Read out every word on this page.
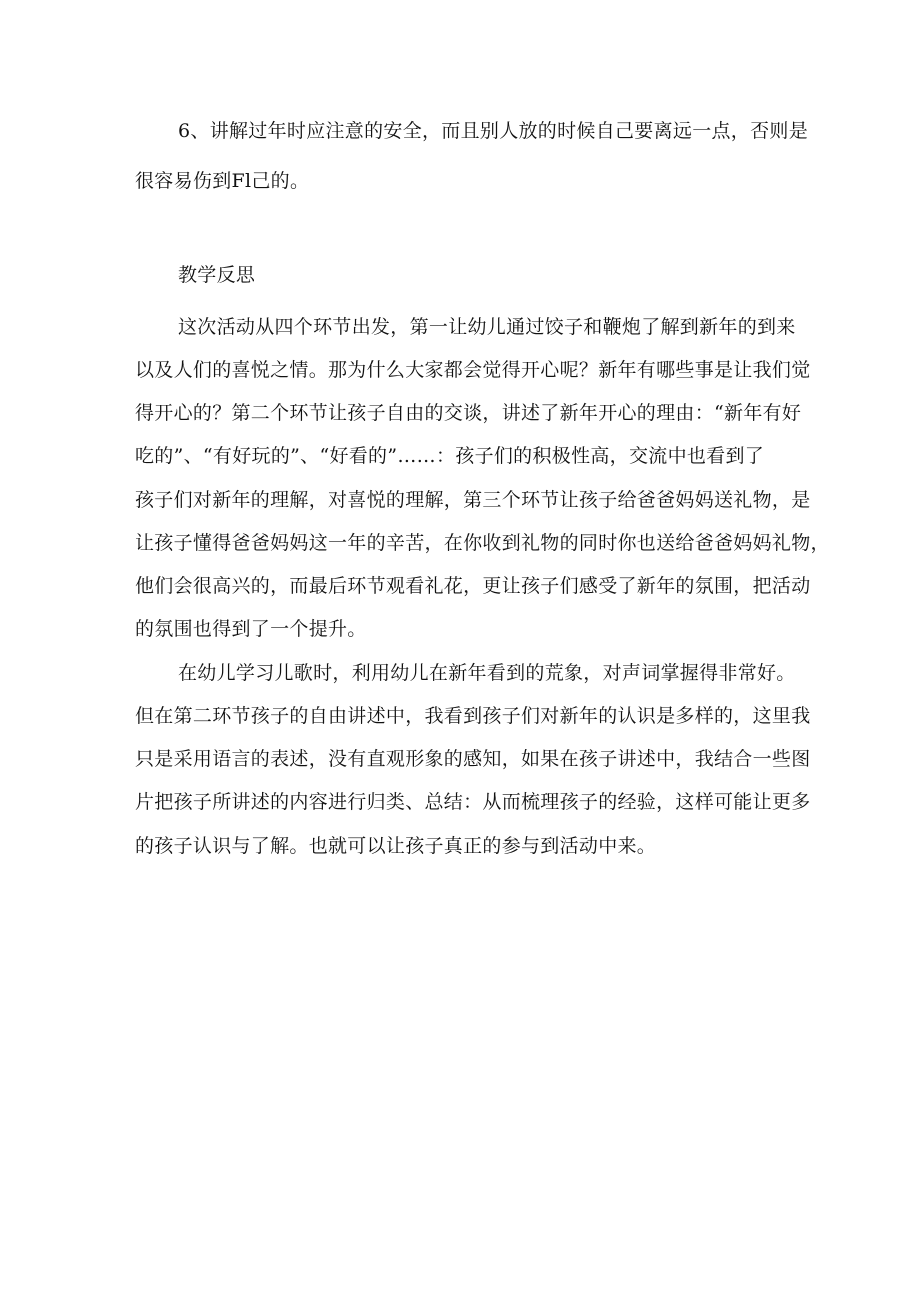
6、讲解过年时应注意的安全，而且别人放的时候自己要离远一点，否则是
很容易伤到Fl己的。
教学反思
这次活动从四个环节出发，第一让幼儿通过饺子和鞭炮了解到新年的到来
以及人们的喜悦之情。那为什么大家都会觉得开心呢？新年有哪些事是让我们觉
得开心的？第二个环节让孩子自由的交谈，讲述了新年开心的理由：“新年有好
吃的”、“有好玩的”、“好看的”……：孩子们的积极性高，交流中也看到了
孩子们对新年的理解，对喜悦的理解，第三个环节让孩子给爸爸妈妈送礼物，是
让孩子懂得爸爸妈妈这一年的辛苦，在你收到礼物的同时你也送给爸爸妈妈礼物，
他们会很高兴的，而最后环节观看礼花，更让孩子们感受了新年的氛围，把活动
的氛围也得到了一个提升。
在幼儿学习儿歌时，利用幼儿在新年看到的荒象，对声词掌握得非常好。
但在第二环节孩子的自由讲述中，我看到孩子们对新年的认识是多样的，这里我
只是采用语言的表述，没有直观形象的感知，如果在孩子讲述中，我结合一些图
片把孩子所讲述的内容进行归类、总结：从而梳理孩子的经验，这样可能让更多
的孩子认识与了解。也就可以让孩子真正的参与到活动中来。
